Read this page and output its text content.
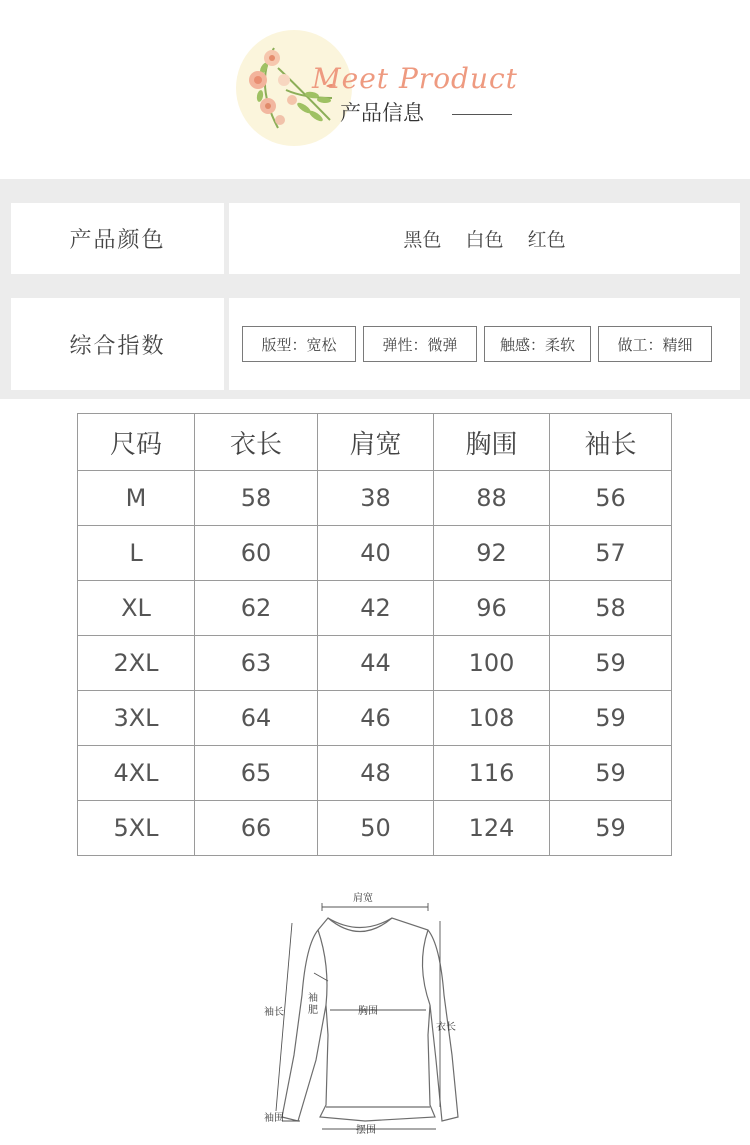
Meet Product
产品信息
产品颜色	黑色  白色  红色
综合指数	版型：宽松	弹性：微弹	触感：柔软	做工：精细
尺码	衣长	肩宽	胸围	袖长
M	58	38	88	56
L	60	40	92	57
XL	62	42	96	58
2XL	63	44	100	59
3XL	64	46	108	59
4XL	65	48	116	59
5XL	66	50	124	59
肩宽
袖长
袖
肥	胸围
衣长
袖围
摆围
